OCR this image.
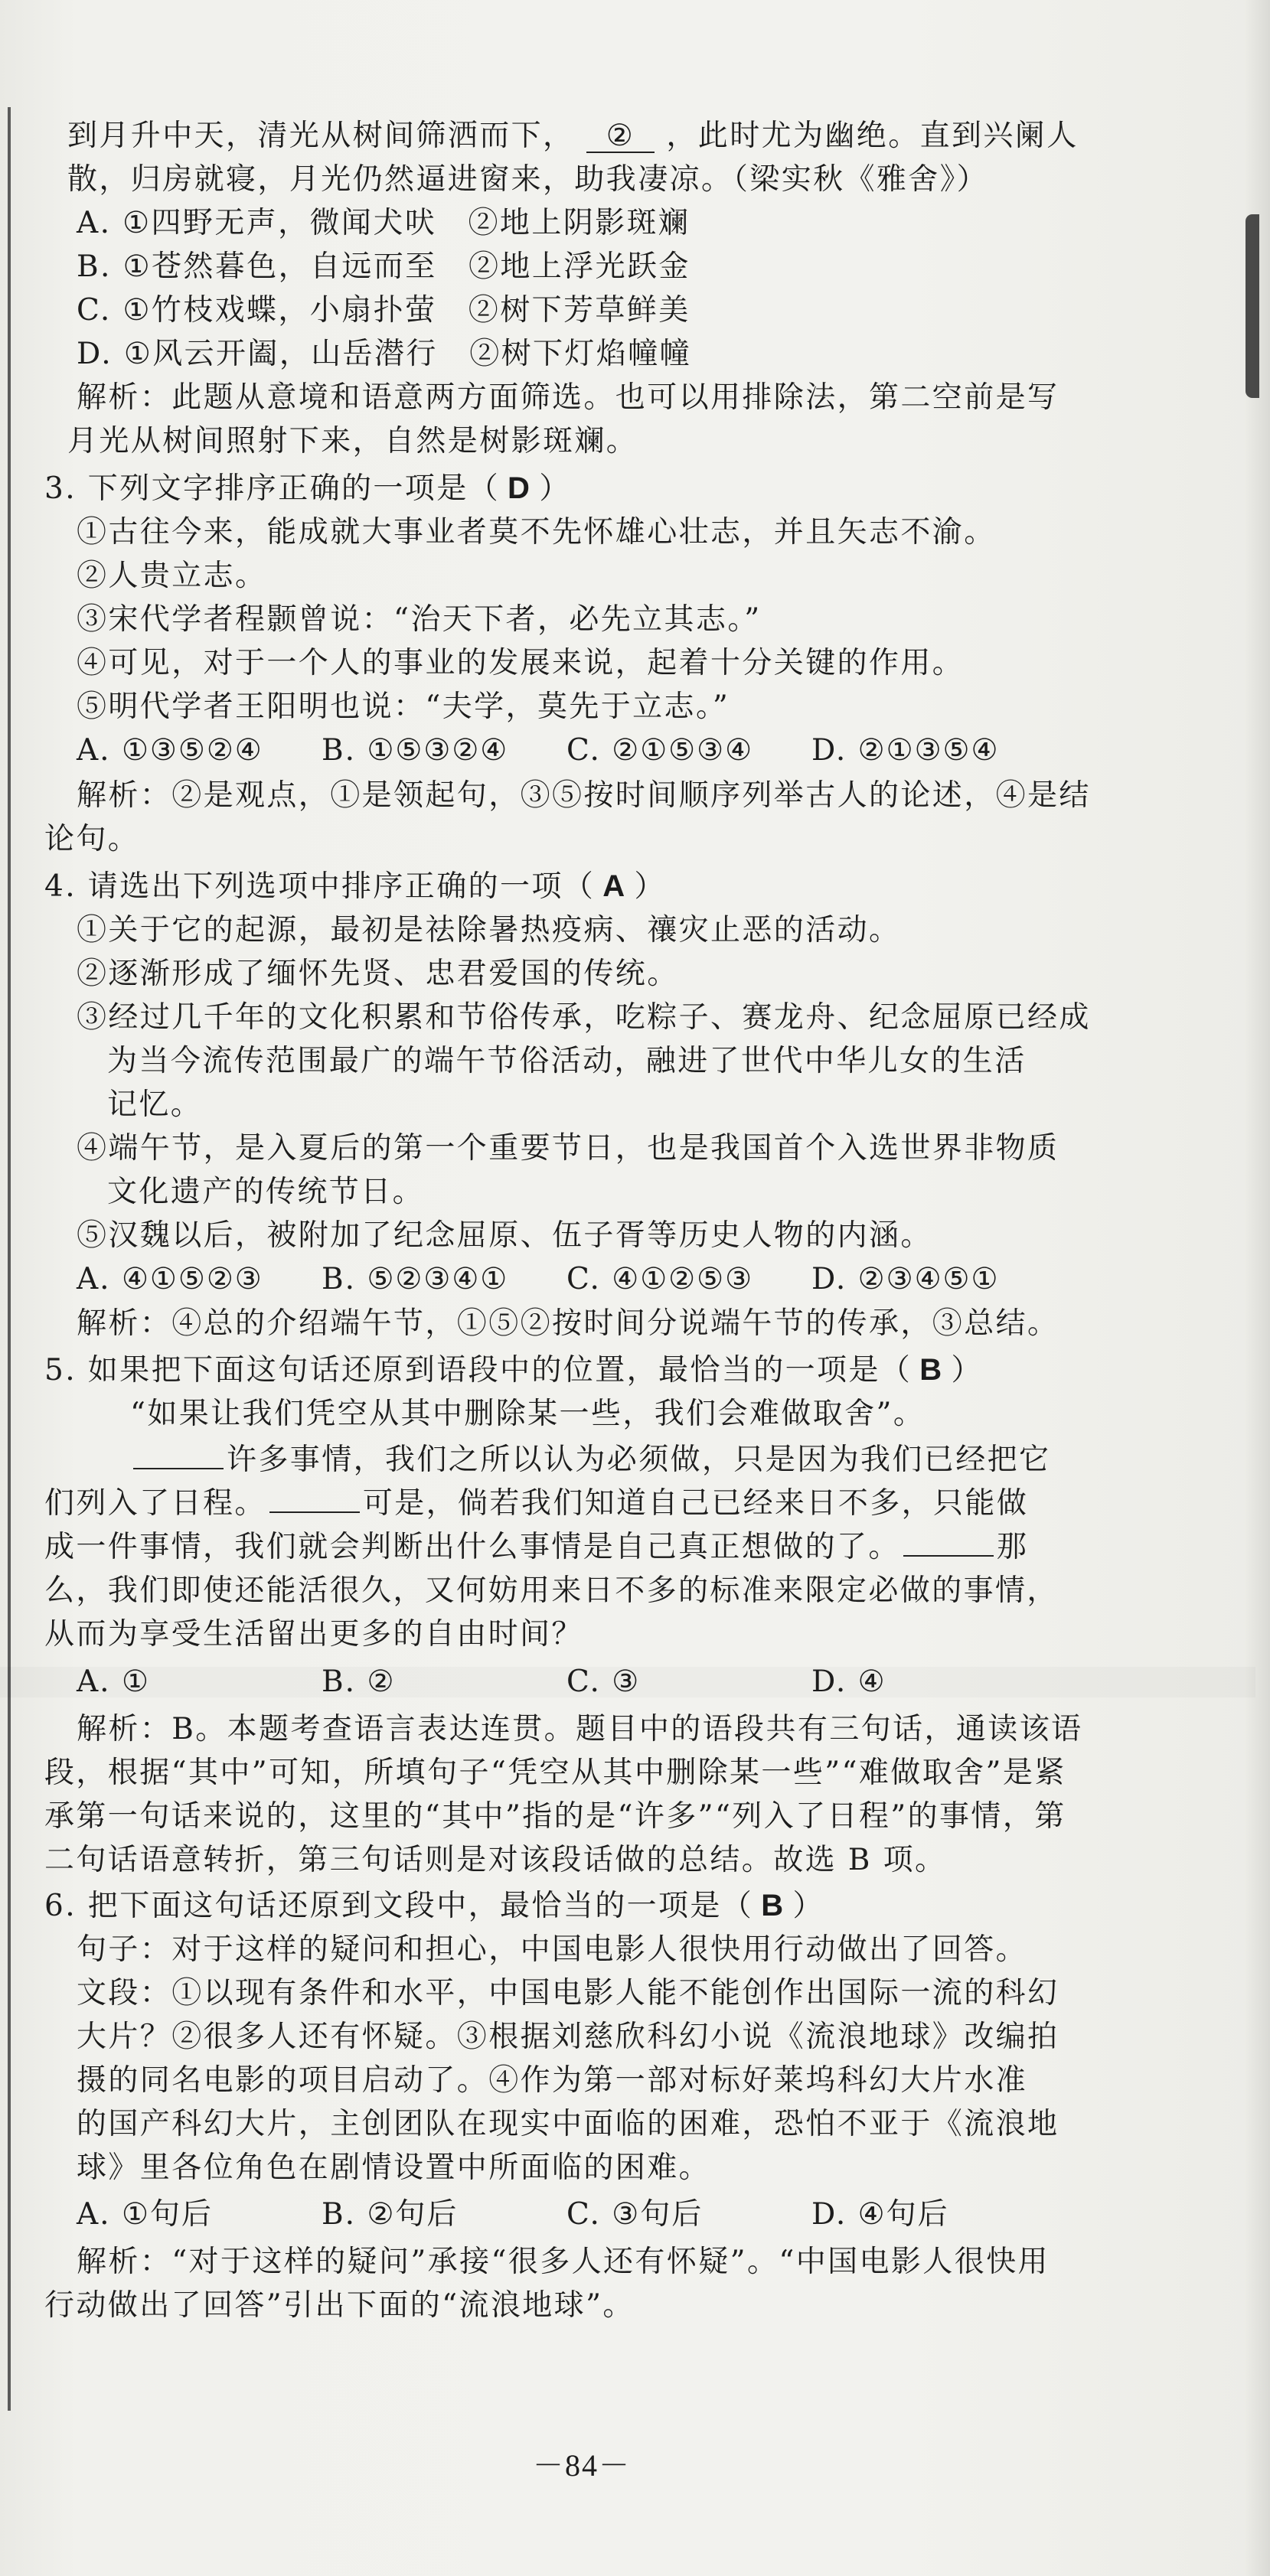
到月升中天，清光从树间筛洒而下， ② ，此时尤为幽绝。直到兴阑人
散，归房就寝，月光仍然逼进窗来，助我凄凉。（梁实秋《雅舍》）
A. ①四野无声，微闻犬吠　②地上阴影斑斓
B. ①苍然暮色，自远而至　②地上浮光跃金
C. ①竹枝戏蝶，小扇扑萤　②树下芳草鲜美
D. ①风云开阖，山岳潜行　②树下灯焰幢幢
解析：此题从意境和语意两方面筛选。也可以用排除法，第二空前是写
月光从树间照射下来，自然是树影斑斓。
3. 下列文字排序正确的一项是（ D ）
①古往今来，能成就大事业者莫不先怀雄心壮志，并且矢志不渝。
②人贵立志。
③宋代学者程颢曾说：“治天下者，必先立其志。”
④可见，对于一个人的事业的发展来说，起着十分关键的作用。
⑤明代学者王阳明也说：“夫学，莫先于立志。”
A. ①③⑤②④ B. ①⑤③②④ C. ②①⑤③④ D. ②①③⑤④
解析：②是观点，①是领起句，③⑤按时间顺序列举古人的论述，④是结
论句。
4. 请选出下列选项中排序正确的一项（ A ）
①关于它的起源，最初是祛除暑热疫病、禳灾止恶的活动。
②逐渐形成了缅怀先贤、忠君爱国的传统。
③经过几千年的文化积累和节俗传承，吃粽子、赛龙舟、纪念屈原已经成
为当今流传范围最广的端午节俗活动，融进了世代中华儿女的生活
记忆。
④端午节，是入夏后的第一个重要节日，也是我国首个入选世界非物质
文化遗产的传统节日。
⑤汉魏以后，被附加了纪念屈原、伍子胥等历史人物的内涵。
A. ④①⑤②③ B. ⑤②③④① C. ④①②⑤③ D. ②③④⑤①
解析：④总的介绍端午节，①⑤②按时间分说端午节的传承，③总结。
5. 如果把下面这句话还原到语段中的位置，最恰当的一项是（ B ）
“如果让我们凭空从其中删除某一些，我们会难做取舍”。
许多事情，我们之所以认为必须做，只是因为我们已经把它
们列入了日程。	可是，倘若我们知道自己已经来日不多，只能做
成一件事情，我们就会判断出什么事情是自己真正想做的了。	那
么，我们即使还能活很久，又何妨用来日不多的标准来限定必做的事情，
从而为享受生活留出更多的自由时间？
A. ①	B. ②	C. ③	D. ④
解析：B。本题考查语言表达连贯。题目中的语段共有三句话，通读该语
段，根据“其中”可知，所填句子“凭空从其中删除某一些”“难做取舍”是紧
承第一句话来说的，这里的“其中”指的是“许多”“列入了日程”的事情，第
二句话语意转折，第三句话则是对该段话做的总结。故选 B 项。
6. 把下面这句话还原到文段中，最恰当的一项是（ B ）
句子：对于这样的疑问和担心，中国电影人很快用行动做出了回答。
文段：①以现有条件和水平，中国电影人能不能创作出国际一流的科幻
大片？②很多人还有怀疑。③根据刘慈欣科幻小说《流浪地球》改编拍
摄的同名电影的项目启动了。④作为第一部对标好莱坞科幻大片水准
的国产科幻大片，主创团队在现实中面临的困难，恐怕不亚于《流浪地
球》里各位角色在剧情设置中所面临的困难。
A. ①句后	B. ②句后	C. ③句后	D. ④句后
解析：“对于这样的疑问”承接“很多人还有怀疑”。“中国电影人很快用
行动做出了回答”引出下面的“流浪地球”。
－84－
